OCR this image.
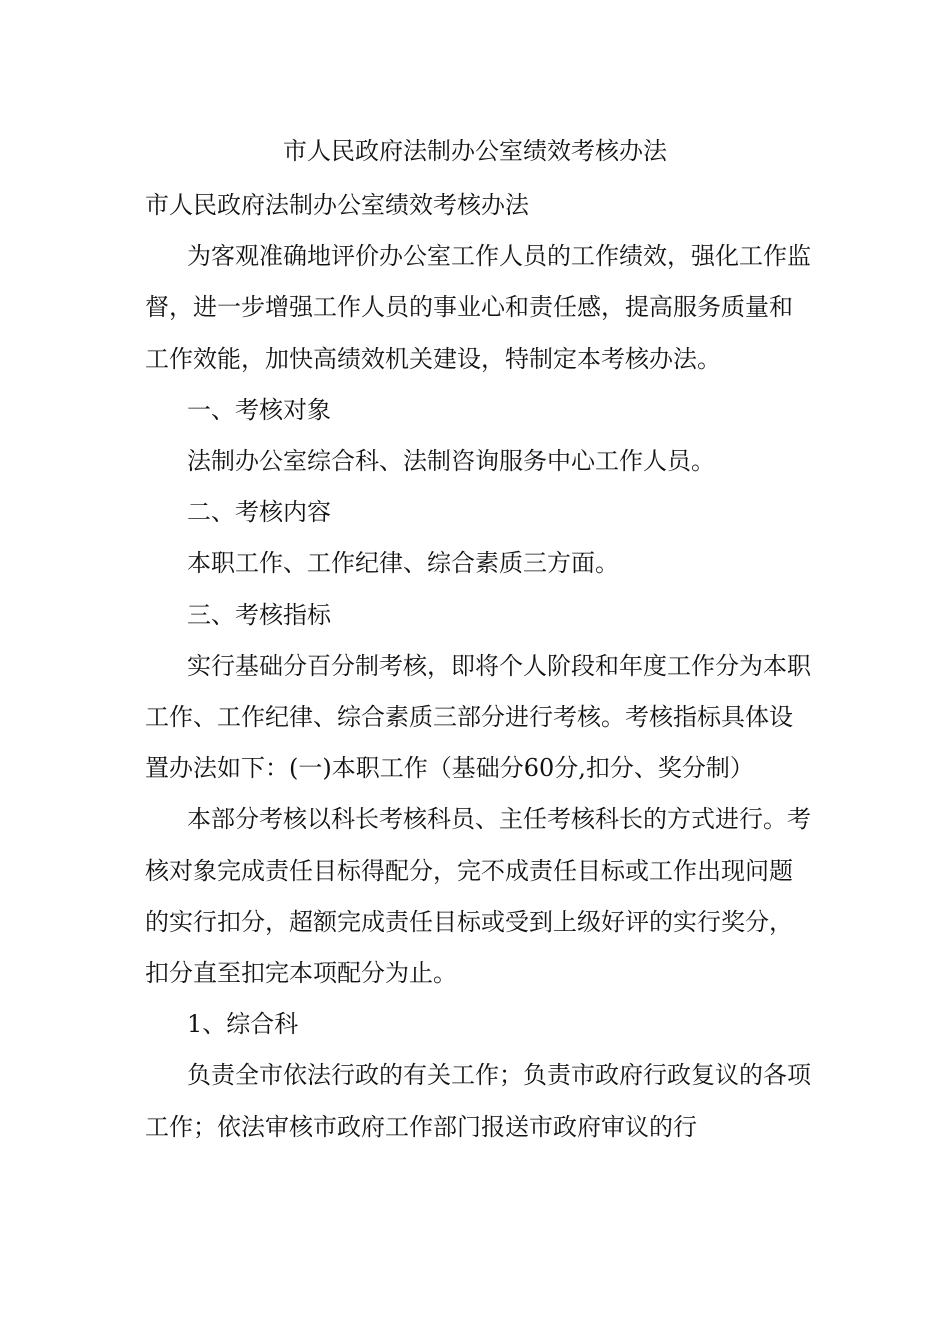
市人民政府法制办公室绩效考核办法

市人民政府法制办公室绩效考核办法

为客观准确地评价办公室工作人员的工作绩效，强化工作监督，进一步增强工作人员的事业心和责任感，提高服务质量和工作效能，加快高绩效机关建设，特制定本考核办法。

一、考核对象

法制办公室综合科、法制咨询服务中心工作人员。

二、考核内容

本职工作、工作纪律、综合素质三方面。

三、考核指标

实行基础分百分制考核，即将个人阶段和年度工作分为本职工作、工作纪律、综合素质三部分进行考核。考核指标具体设置办法如下：(一)本职工作（基础分60分,扣分、奖分制）

本部分考核以科长考核科员、主任考核科长的方式进行。考核对象完成责任目标得配分，完不成责任目标或工作出现问题的实行扣分，超额完成责任目标或受到上级好评的实行奖分，扣分直至扣完本项配分为止。

1、综合科

负责全市依法行政的有关工作；负责市政府行政复议的各项工作；依法审核市政府工作部门报送市政府审议的行
